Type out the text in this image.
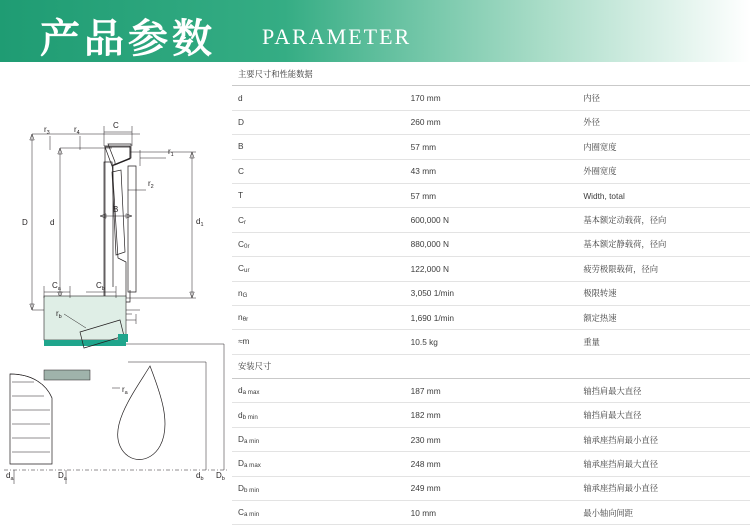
产品参数 PARAMETER
D	d	$d_1$
C
$r_3$	$r_4$
$r_1$
$r_2$
B
$C_a$	$C_b$
$r_b$
$r_a$
$d_a$	$D_a$	$d_b$ $D_b$
主要尺寸和性能数据		
d	170 mm	内径
D	260 mm	外径
B	57 mm	内圈宽度
C	43 mm	外圈宽度
T	57 mm	Width, total
Cr	600,000 N	基本额定动载荷，径向
C0r	880,000 N	基本额定静载荷，径向
Cur	122,000 N	疲劳极限载荷，径向
nG	3,050 1/min	极限转速
nθr	1,690 1/min	额定热速
≈m	10.5 kg	重量
安装尺寸		
da max	187 mm	轴挡肩最大直径
db min	182 mm	轴挡肩最大直径
Da min	230 mm	轴承座挡肩最小直径
Da max	248 mm	轴承座挡肩最大直径
Db min	249 mm	轴承座挡肩最小直径
Ca min	10 mm	最小轴向间距
